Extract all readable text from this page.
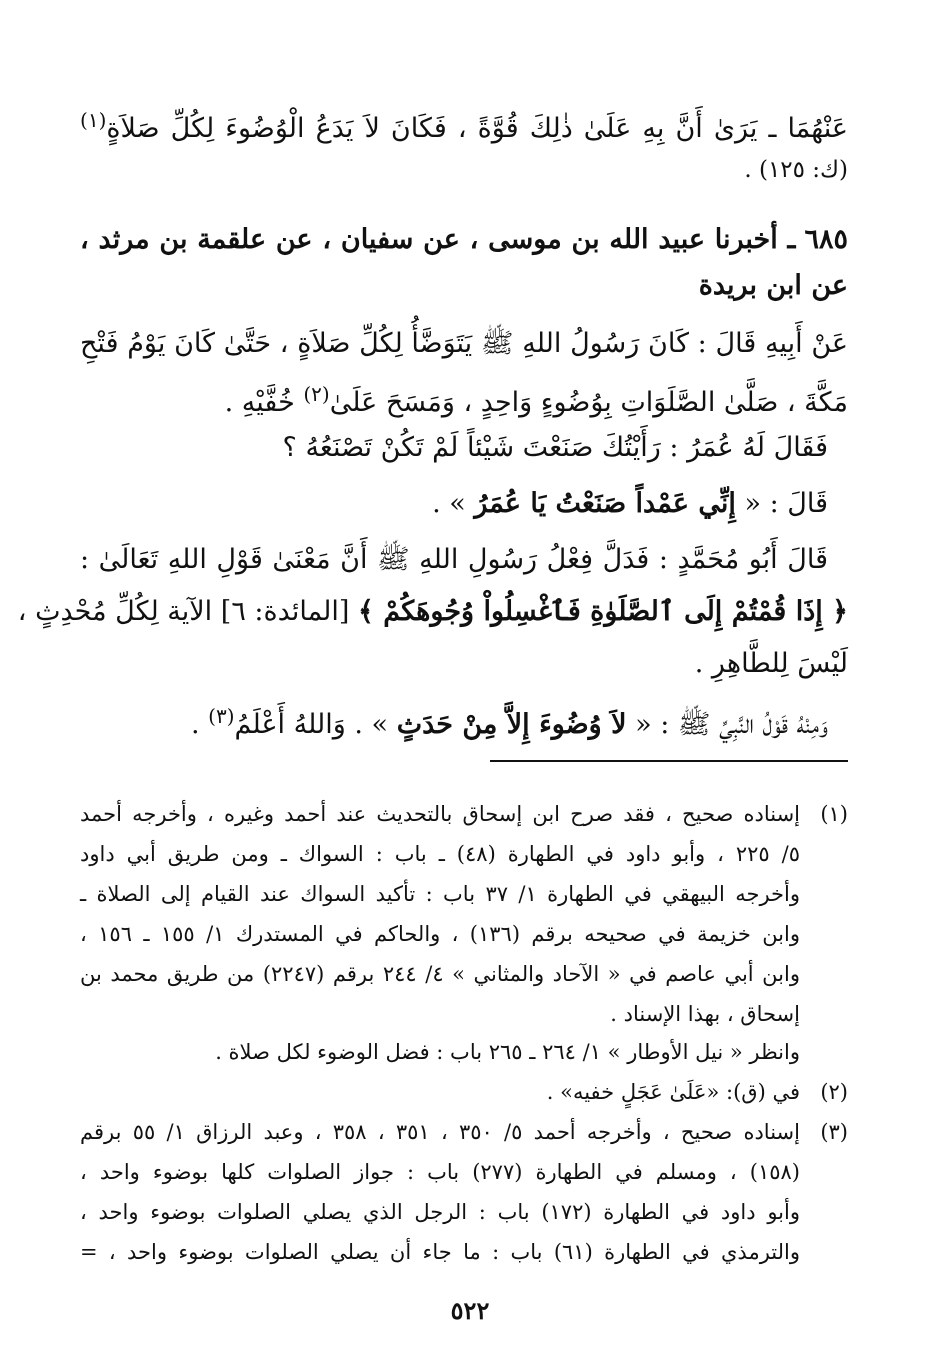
عَنْهُمَا ـ يَرَىٰ أَنَّ بِهِ عَلَىٰ ذٰلِكَ قُوَّةً ، فَكَانَ لاَ يَدَعُ الْوُضُوءَ لِكُلِّ صَلاَةٍ$^{(١)}$
(ك: ١٢٥) .
٦٨٥ ـ أخبرنا عبيد الله بن موسى ، عن سفيان ، عن علقمة بن مرثد ،
عن ابن بريدة
عَنْ أَبِيهِ قَالَ : كَانَ رَسُولُ اللهِ ﷺ يَتَوَضَّأُ لِكُلِّ صَلاَةٍ ، حَتَّىٰ كَانَ يَوْمُ فَتْحِ
مَكَّةَ ، صَلَّىٰ الصَّلَوَاتِ بِوُضُوءٍ وَاحِدٍ ، وَمَسَحَ عَلَىٰ$^{(٢)}$ خُفَّيْهِ .
فَقَالَ لَهُ عُمَرُ : رَأَيْتُكَ صَنَعْتَ شَيْئاً لَمْ تَكُنْ تَصْنَعُهُ ؟
قَالَ : « إِنِّي عَمْداً صَنَعْتُ يَا عُمَرُ » .
قَالَ أَبُو مُحَمَّدٍ : فَدَلَّ فِعْلُ رَسُولِ اللهِ ﷺ أَنَّ مَعْنَىٰ قَوْلِ اللهِ تَعَالَىٰ :
﴿ إِذَا قُمْتُمْ إِلَى ٱلصَّلَوٰةِ فَٱغْسِلُواْ وُجُوهَكُمْ ﴾ [المائدة: ٦] الآية لِكُلِّ مُحْدِثٍ ،
لَيْسَ لِلطَّاهِرِ .
وَمِنْهُ قَوْلُ النَّبِيِّ ﷺ : « لاَ وُضُوءَ إِلاَّ مِنْ حَدَثٍ » . وَاللهُ أَعْلَمُ$^{(٣)}$ .
(١)
إسناده صحيح ، فقد صرح ابن إسحاق بالتحديث عند أحمد وغيره ، وأخرجه أحمد
٥/ ٢٢٥ ، وأبو داود في الطهارة (٤٨) ـ باب : السواك ـ ومن طريق أبي داود
وأخرجه البيهقي في الطهارة ١/ ٣٧ باب : تأكيد السواك عند القيام إلى الصلاة ـ
وابن خزيمة في صحيحه برقم (١٣٦) ، والحاكم في المستدرك ١/ ١٥٥ ـ ١٥٦ ،
وابن أبي عاصم في « الآحاد والمثاني » ٤/ ٢٤٤ برقم (٢٢٤٧) من طريق محمد بن
إسحاق ، بهذا الإسناد .
وانظر « نيل الأوطار » ١/ ٢٦٤ ـ ٢٦٥ باب : فضل الوضوء لكل صلاة .
(٢)
في (ق): «عَلَىٰ عَجَلٍ خفيه» .
(٣)
إسناده صحيح ، وأخرجه أحمد ٥/ ٣٥٠ ، ٣٥١ ، ٣٥٨ ، وعبد الرزاق ١/ ٥٥ برقم
(١٥٨) ، ومسلم في الطهارة (٢٧٧) باب : جواز الصلوات كلها بوضوء واحد ،
وأبو داود في الطهارة (١٧٢) باب : الرجل الذي يصلي الصلوات بوضوء واحد ،
والترمذي في الطهارة (٦١) باب : ما جاء أن يصلي الصلوات بوضوء واحد ، =
٥٢٢
